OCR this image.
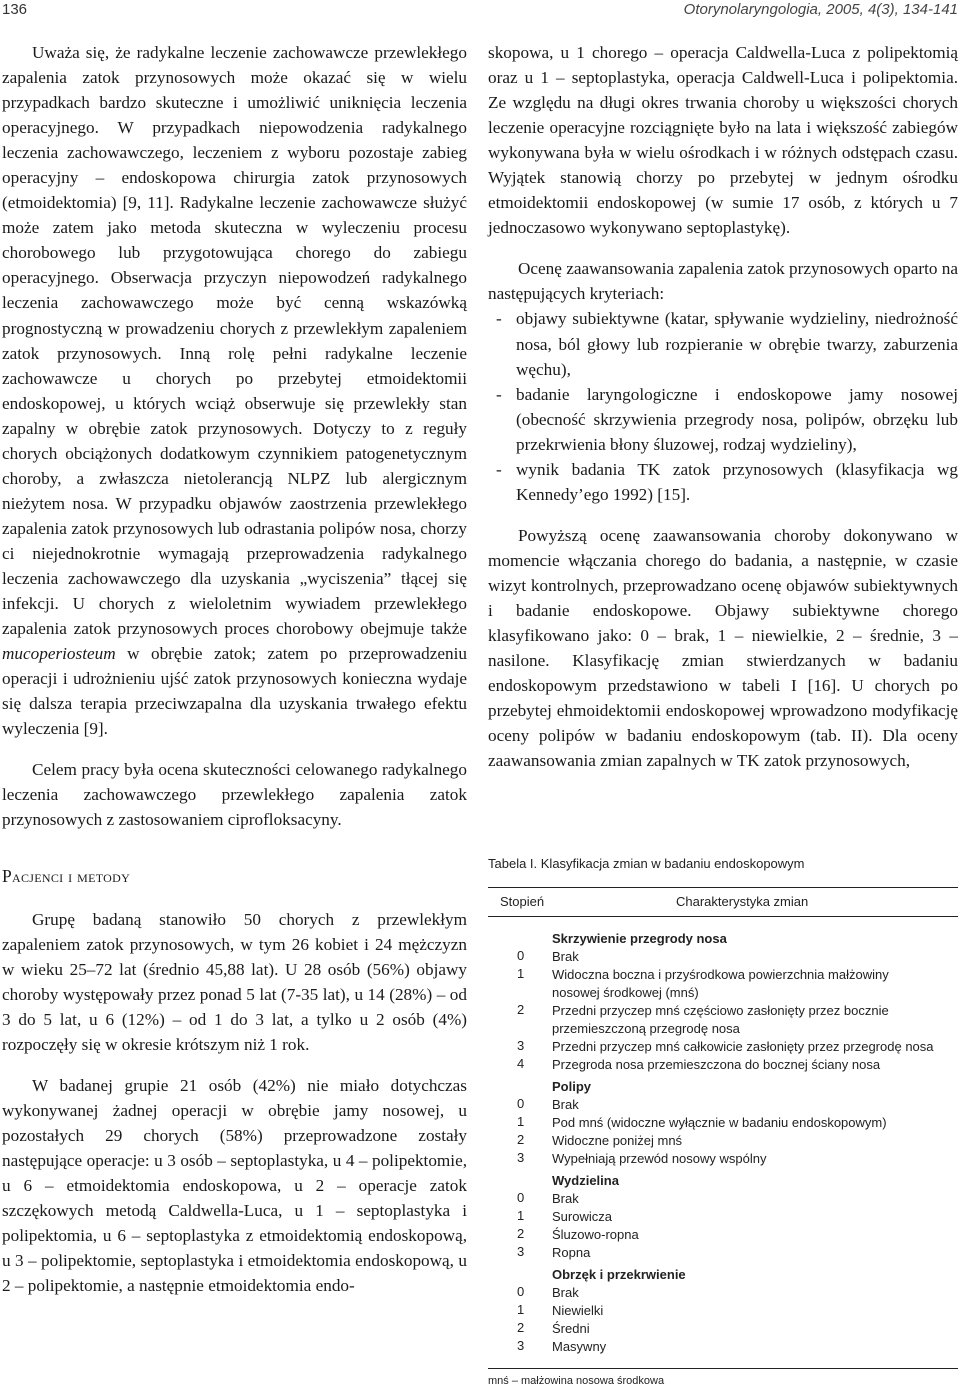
136	Otorynolaryngologia, 2005, 4(3), 134-141

Uważa się, że radykalne leczenie zachowawcze przewlekłego zapalenia zatok przynosowych może okazać się w wielu przypadkach bardzo skuteczne i umożliwić uniknięcia leczenia operacyjnego. W przypadkach niepowodzenia radykalnego leczenia zachowawczego, leczeniem z wyboru pozostaje zabieg operacyjny – endoskopowa chirurgia zatok przynosowych (etmoidektomia) [9, 11]. Radykalne leczenie zachowawcze służyć może zatem jako metoda skuteczna w wyleczeniu procesu chorobowego lub przygotowująca chorego do zabiegu operacyjnego. Obserwacja przyczyn niepowodzeń radykalnego leczenia zachowawczego może być cenną wskazówką prognostyczną w prowadzeniu chorych z przewlekłym zapaleniem zatok przynosowych. Inną rolę pełni radykalne leczenie zachowawcze u chorych po przebytej etmoidektomii endoskopowej, u których wciąż obserwuje się przewlekły stan zapalny w obrębie zatok przynosowych. Dotyczy to z reguły chorych obciążonych dodatkowym czynnikiem patogenetycznym choroby, a zwłaszcza nietolerancją NLPZ lub alergicznym nieżytem nosa. W przypadku objawów zaostrzenia przewlekłego zapalenia zatok przynosowych lub odrastania polipów nosa, chorzy ci niejednokrotnie wymagają przeprowadzenia radykalnego leczenia zachowawczego dla uzyskania „wyciszenia” tłącej się infekcji. U chorych z wieloletnim wywiadem przewlekłego zapalenia zatok przynosowych proces chorobowy obejmuje także mucoperiosteum w obrębie zatok; zatem po przeprowadzeniu operacji i udrożnieniu ujść zatok przynosowych konieczna wydaje się dalsza terapia przeciwzapalna dla uzyskania trwałego efektu wyleczenia [9].

Celem pracy była ocena skuteczności celowanego radykalnego leczenia zachowawczego przewlekłego zapalenia zatok przynosowych z zastosowaniem ciprofloksacyny.

Pacjenci i metody

Grupę badaną stanowiło 50 chorych z przewlekłym zapaleniem zatok przynosowych, w tym 26 kobiet i 24 mężczyzn w wieku 25–72 lat (średnio 45,88 lat). U 28 osób (56%) objawy choroby występowały przez ponad 5 lat (7-35 lat), u 14 (28%) – od 3 do 5 lat, u 6 (12%) – od 1 do 3 lat, a tylko u 2 osób (4%) rozpoczęły się w okresie krótszym niż 1 rok.

W badanej grupie 21 osób (42%) nie miało dotychczas wykonywanej żadnej operacji w obrębie jamy nosowej, u pozostałych 29 chorych (58%) przeprowadzone zostały następujące operacje: u 3 osób – septoplastyka, u 4 – polipektomie, u 6 – etmoidektomia endoskopowa, u 2 – operacje zatok szczękowych metodą Caldwella-Luca, u 1 – septoplastyka i polipektomia, u 6 – septoplastyka z etmoidektomią endoskopową, u 3 – polipektomie, septoplastyka i etmoidektomia endoskopową, u 2 – polipektomie, a następnie etmoidektomia endo-

skopowa, u 1 chorego – operacja Caldwella-Luca z polipektomią oraz u 1 – septoplastyka, operacja Caldwell-Luca i polipektomia. Ze względu na długi okres trwania choroby u większości chorych leczenie operacyjne rozciągnięte było na lata i większość zabiegów wykonywana była w wielu ośrodkach i w różnych odstępach czasu. Wyjątek stanowią chorzy po przebytej w jednym ośrodku etmoidektomii endoskopowej (w sumie 17 osób, z których u 7 jednoczasowo wykonywano septoplastykę).

Ocenę zaawansowania zapalenia zatok przynosowych oparto na następujących kryteriach:

- objawy subiektywne (katar, spływanie wydzieliny, niedrożność nosa, ból głowy lub rozpieranie w obrębie twarzy, zaburzenia węchu),
- badanie laryngologiczne i endoskopowe jamy nosowej (obecność skrzywienia przegrody nosa, polipów, obrzęku lub przekrwienia błony śluzowej, rodzaj wydzieliny),
- wynik badania TK zatok przynosowych (klasyfikacja wg Kennedy’ego 1992) [15].

Powyższą ocenę zaawansowania choroby dokonywano w momencie włączania chorego do badania, a następnie, w czasie wizyt kontrolnych, przeprowadzano ocenę objawów subiektywnych i badanie endoskopowe. Objawy subiektywne chorego klasyfikowano jako: 0 – brak, 1 – niewielkie, 2 – średnie, 3 – nasilone. Klasyfikację zmian stwierdzanych w badaniu endoskopowym przedstawiono w tabeli I [16]. U chorych po przebytej ehmoidektomii endoskopowej wprowadzono modyfikację oceny polipów w badaniu endoskopowym (tab. II). Dla oceny zaawansowania zmian zapalnych w TK zatok przynosowych,

Tabela I. Klasyfikacja zmian w badaniu endoskopowym
Stopień	Charakterystyka zmian
Skrzywienie przegrody nosa
0 Brak
1 Widoczna boczna i przyśrodkowa powierzchnia małżowiny nosowej środkowej (mnś)
2 Przedni przyczep mnś częściowo zasłonięty przez bocznie przemieszczoną przegrodę nosa
3 Przedni przyczep mnś całkowicie zasłonięty przez przegrodę nosa
4 Przegroda nosa przemieszczona do bocznej ściany nosa
Polipy
0 Brak
1 Pod mnś (widoczne wyłącznie w badaniu endoskopowym)
2 Widoczne poniżej mnś
3 Wypełniają przewód nosowy wspólny
Wydzielina
0 Brak
1 Surowicza
2 Śluzowo-ropna
3 Ropna
Obrzęk i przekrwienie
0 Brak
1 Niewielki
2 Średni
3 Masywny
mnś – małżowina nosowa środkowa
